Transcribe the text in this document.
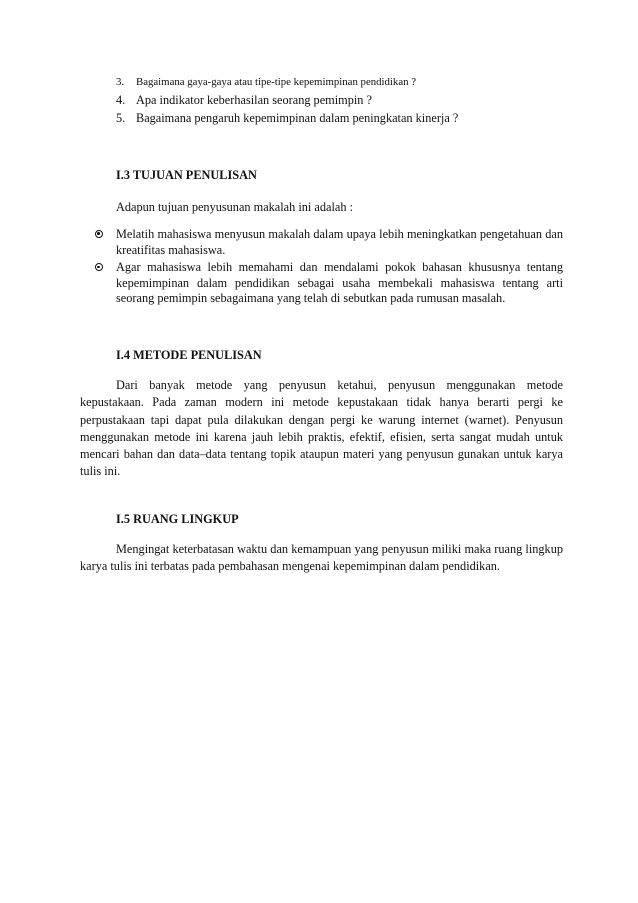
3. Bagaimana gaya-gaya atau tipe-tipe kepemimpinan pendidikan ?
4. Apa indikator keberhasilan seorang pemimpin ?
5. Bagaimana pengaruh kepemimpinan dalam peningkatan kinerja ?
I.3 TUJUAN PENULISAN
Adapun tujuan penyusunan makalah ini adalah :
Melatih mahasiswa menyusun makalah dalam upaya lebih meningkatkan pengetahuan dan kreatifitas mahasiswa.
Agar mahasiswa lebih memahami dan mendalami pokok bahasan khususnya tentang kepemimpinan dalam pendidikan sebagai usaha membekali mahasiswa tentang arti seorang pemimpin sebagaimana yang telah di sebutkan pada rumusan masalah.
I.4 METODE PENULISAN

Dari banyak metode yang penyusun ketahui, penyusun menggunakan metode kepustakaan. Pada zaman modern ini metode kepustakaan tidak hanya berarti pergi ke perpustakaan tapi dapat pula dilakukan dengan pergi ke warung internet (warnet). Penyusun menggunakan metode ini karena jauh lebih praktis, efektif, efisien, serta sangat mudah untuk mencari bahan dan data–data tentang topik ataupun materi yang penyusun gunakan untuk karya tulis ini.

I.5 RUANG LINGKUP

Mengingat keterbatasan waktu dan kemampuan yang penyusun miliki maka ruang lingkup karya tulis ini terbatas pada pembahasan mengenai kepemimpinan dalam pendidikan.
